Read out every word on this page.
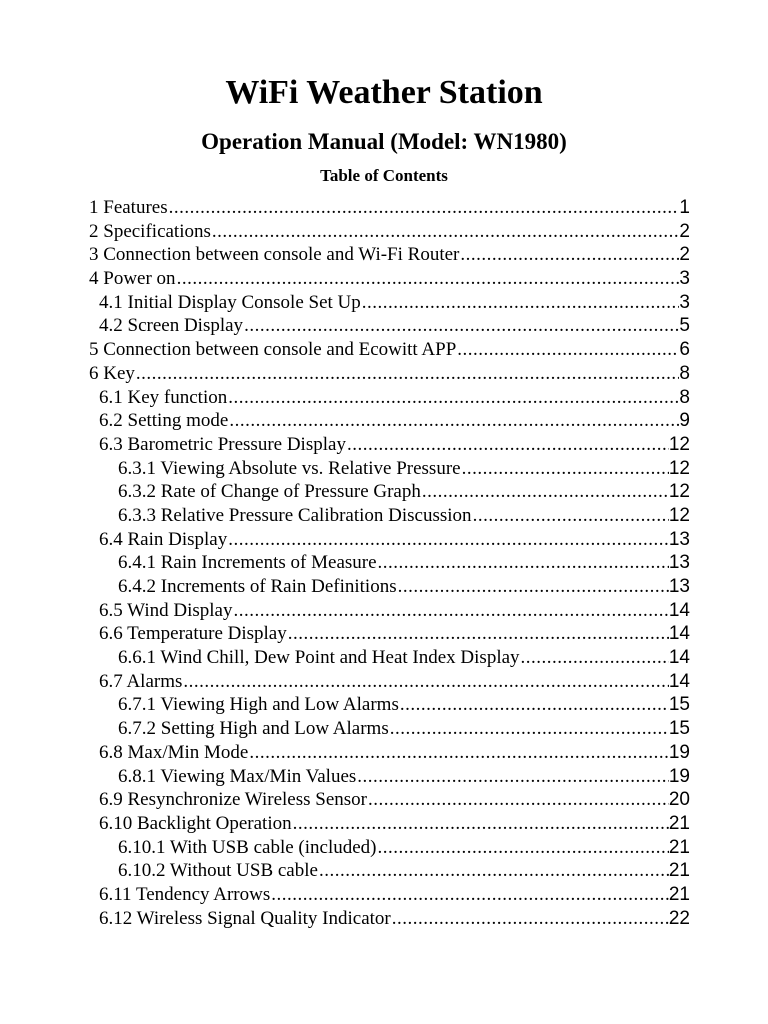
WiFi Weather Station
Operation Manual (Model: WN1980)
Table of Contents
1 Features .....	1
2 Specifications .....	2
3 Connection between console and Wi-Fi Router .....	2
4 Power on .....	3
4.1 Initial Display Console Set Up .....	3
4.2 Screen Display .....	5
5 Connection between console and Ecowitt APP .....	6
6 Key .....	8
6.1 Key function .....	8
6.2 Setting mode .....	9
6.3 Barometric Pressure Display .....	12
6.3.1 Viewing Absolute vs. Relative Pressure .....	12
6.3.2 Rate of Change of Pressure Graph .....	12
6.3.3 Relative Pressure Calibration Discussion .....	12
6.4 Rain Display .....	13
6.4.1 Rain Increments of Measure .....	13
6.4.2 Increments of Rain Definitions .....	13
6.5 Wind Display .....	14
6.6 Temperature Display .....	14
6.6.1 Wind Chill, Dew Point and Heat Index Display .....	14
6.7 Alarms .....	14
6.7.1 Viewing High and Low Alarms .....	15
6.7.2 Setting High and Low Alarms .....	15
6.8 Max/Min Mode .....	19
6.8.1 Viewing Max/Min Values .....	19
6.9 Resynchronize Wireless Sensor .....	20
6.10 Backlight Operation .....	21
6.10.1 With USB cable (included) .....	21
6.10.2 Without USB cable .....	21
6.11 Tendency Arrows .....	21
6.12 Wireless Signal Quality Indicator .....	22
